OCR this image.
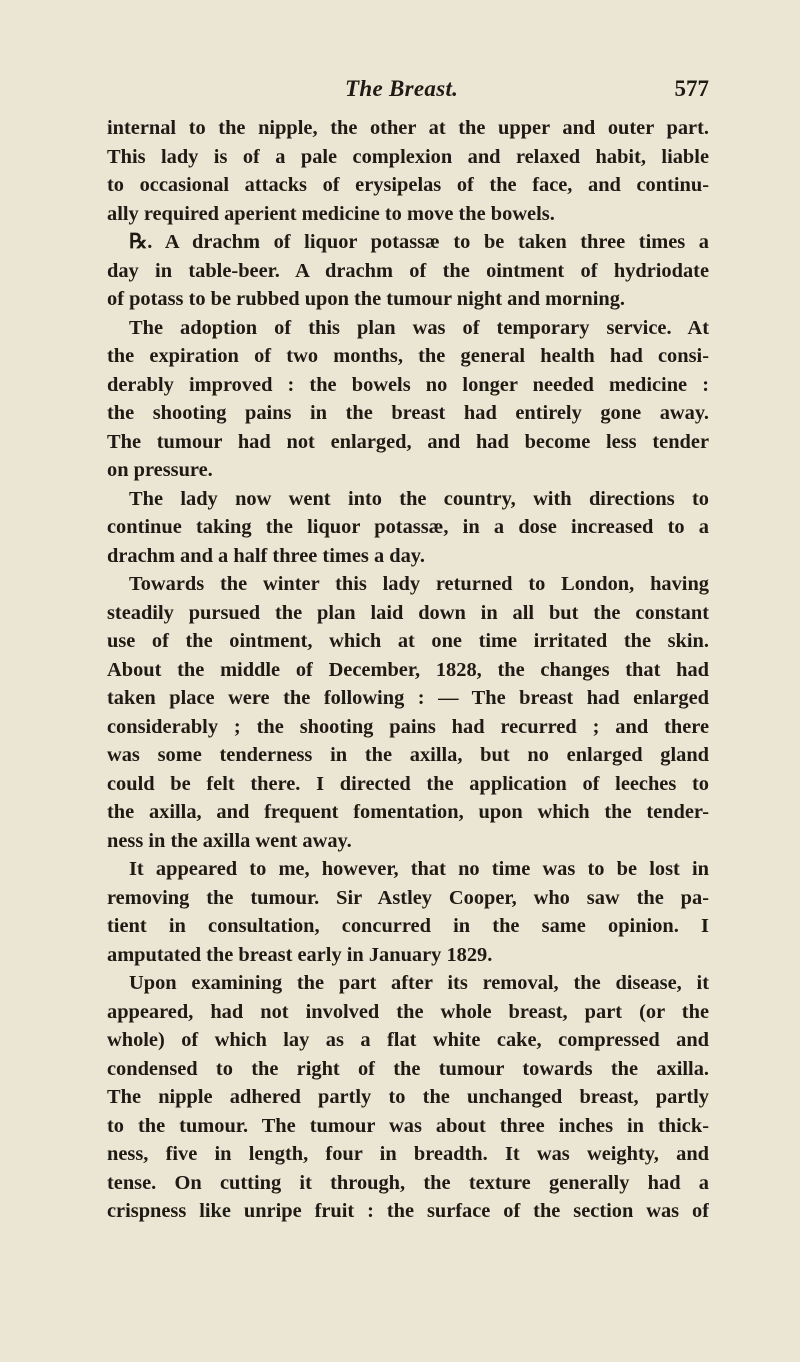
The Breast.	577
internal to the nipple, the other at the upper and outer part.
This lady is of a pale complexion and relaxed habit, liable
to occasional attacks of erysipelas of the face, and continu-
ally required aperient medicine to move the bowels.
℞. A drachm of liquor potassæ to be taken three times a
day in table-beer. A drachm of the ointment of hydriodate
of potass to be rubbed upon the tumour night and morning.
The adoption of this plan was of temporary service. At
the expiration of two months, the general health had consi-
derably improved : the bowels no longer needed medicine :
the shooting pains in the breast had entirely gone away.
The tumour had not enlarged, and had become less tender
on pressure.
The lady now went into the country, with directions to
continue taking the liquor potassæ, in a dose increased to a
drachm and a half three times a day.
Towards the winter this lady returned to London, having
steadily pursued the plan laid down in all but the constant
use of the ointment, which at one time irritated the skin.
About the middle of December, 1828, the changes that had
taken place were the following : — The breast had enlarged
considerably ; the shooting pains had recurred ; and there
was some tenderness in the axilla, but no enlarged gland
could be felt there. I directed the application of leeches to
the axilla, and frequent fomentation, upon which the tender-
ness in the axilla went away.
It appeared to me, however, that no time was to be lost in
removing the tumour. Sir Astley Cooper, who saw the pa-
tient in consultation, concurred in the same opinion. I
amputated the breast early in January 1829.
Upon examining the part after its removal, the disease, it
appeared, had not involved the whole breast, part (or the
whole) of which lay as a flat white cake, compressed and
condensed to the right of the tumour towards the axilla.
The nipple adhered partly to the unchanged breast, partly
to the tumour. The tumour was about three inches in thick-
ness, five in length, four in breadth. It was weighty, and
tense. On cutting it through, the texture generally had a
crispness like unripe fruit : the surface of the section was of
